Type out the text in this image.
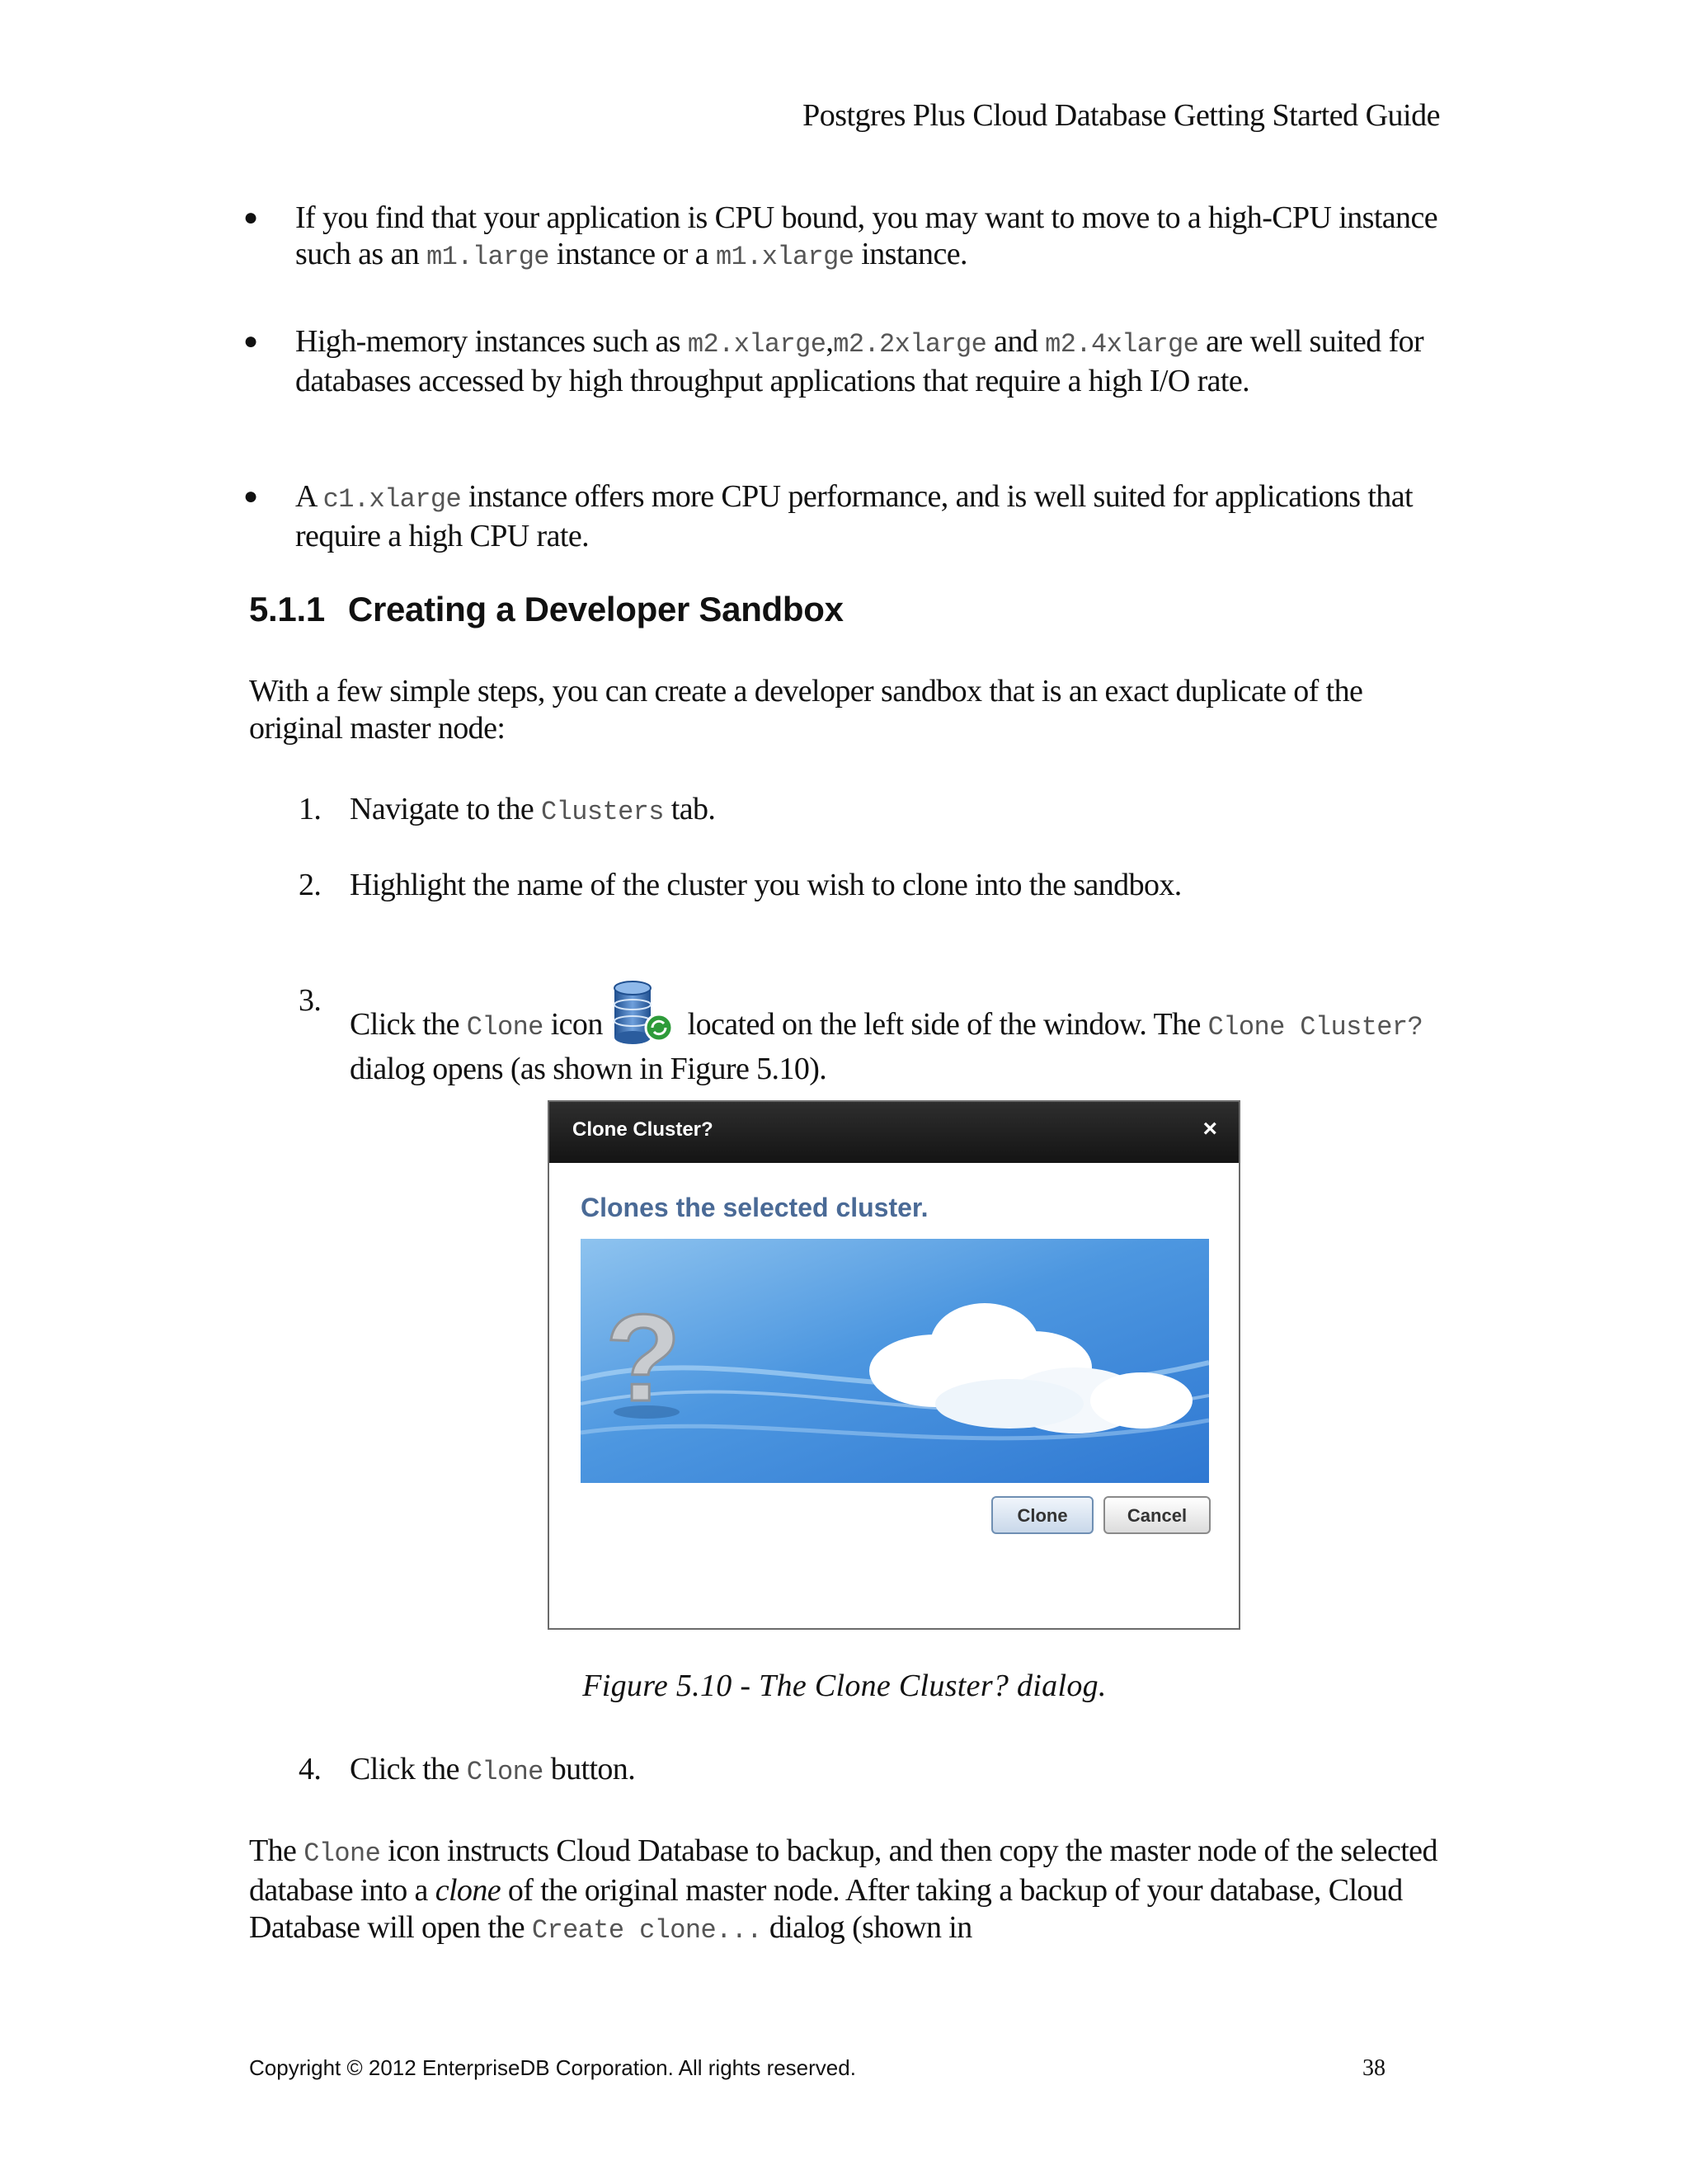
Postgres Plus Cloud Database Getting Started Guide
● If you find that your application is CPU bound, you may want to move to a high-CPU instance such as an m1.large instance or a m1.xlarge instance.
● High-memory instances such as m2.xlarge,m2.2xlarge and m2.4xlarge are well suited for databases accessed by high throughput applications that require a high I/O rate.
● A c1.xlarge instance offers more CPU performance, and is well suited for applications that require a high CPU rate.
5.1.1 Creating a Developer Sandbox
With a few simple steps, you can create a developer sandbox that is an exact duplicate of the original master node:
1. Navigate to the Clusters tab.
2. Highlight the name of the cluster you wish to clone into the sandbox.
3.
Click the Clone icon located on the left side of the window. The Clone Cluster? dialog opens (as shown in Figure 5.10).
Clone Cluster?	×
Clones the selected cluster.
?
Clone	Cancel
Figure 5.10 - The Clone Cluster? dialog.
4. Click the Clone button.
The Clone icon instructs Cloud Database to backup, and then copy the master node of the selected database into a clone of the original master node. After taking a backup of your database, Cloud Database will open the Create clone... dialog (shown in
Copyright © 2012 EnterpriseDB Corporation. All rights reserved.	38
